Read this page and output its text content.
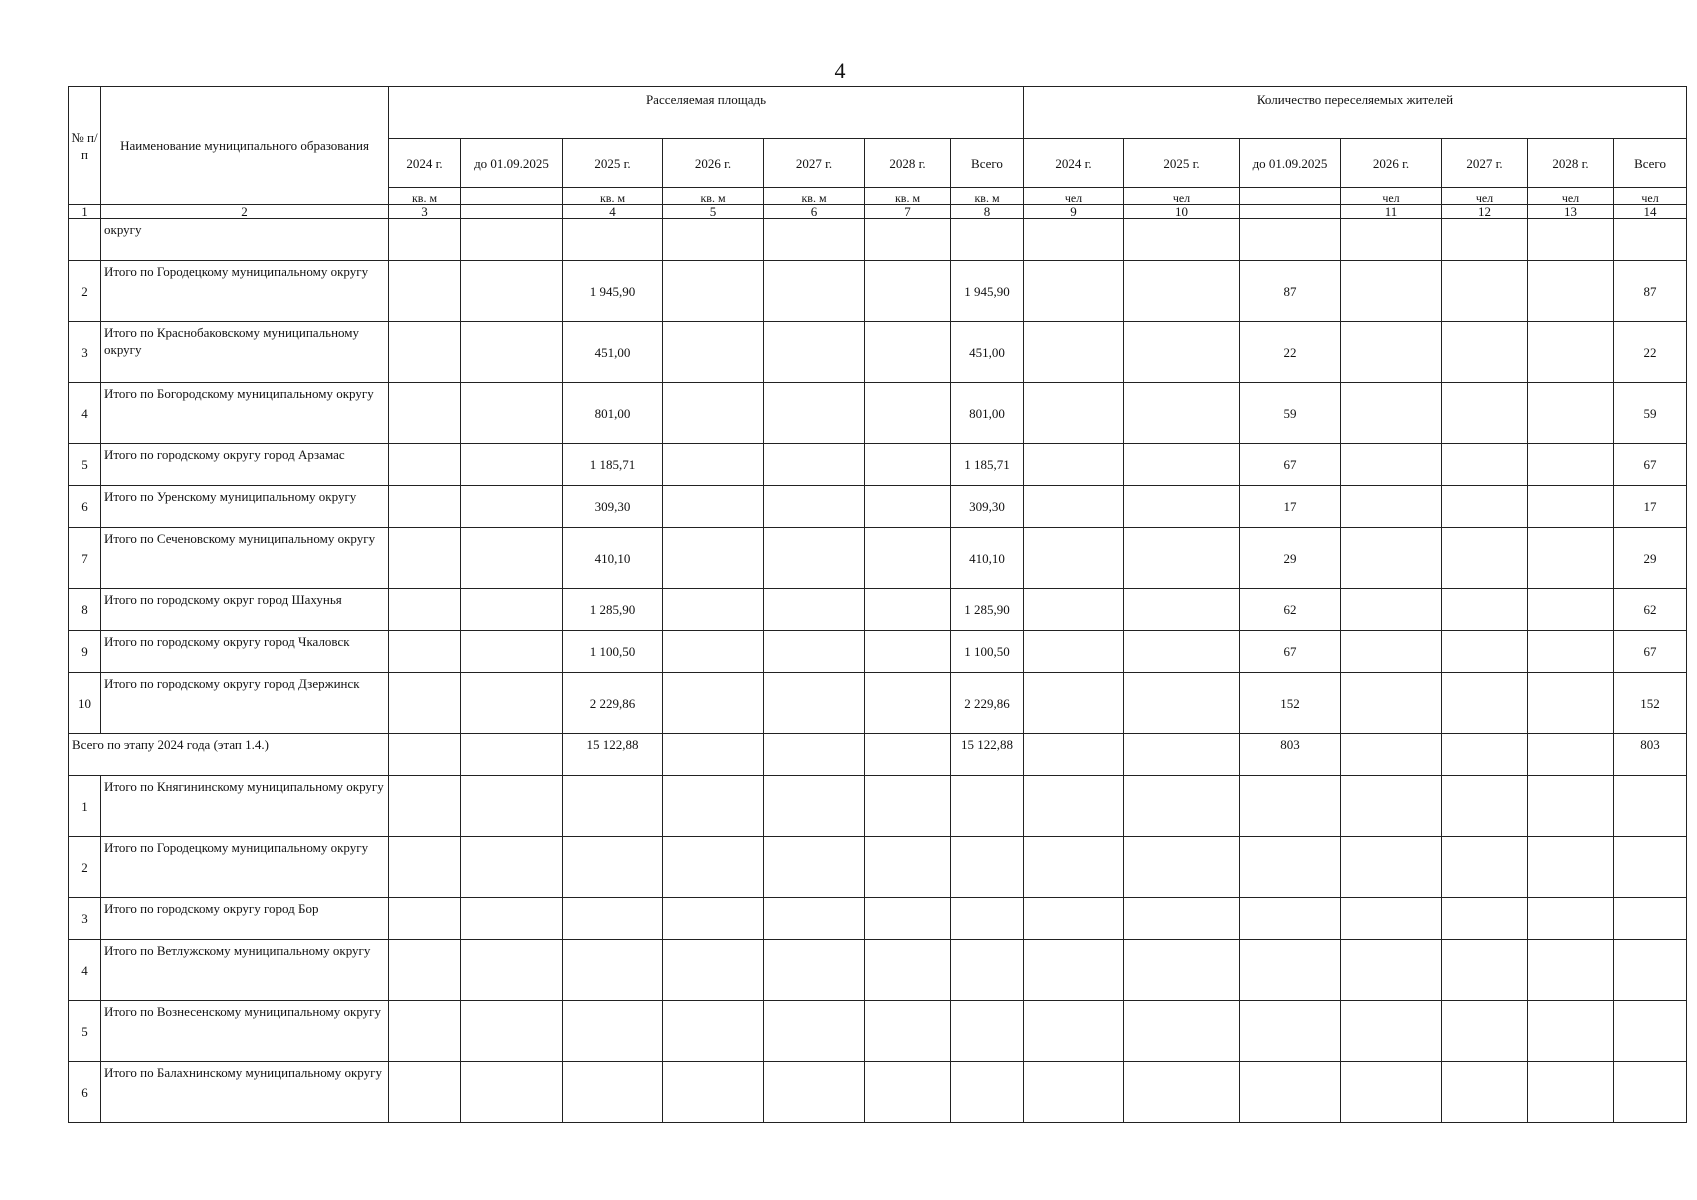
4
№ п/п	Наименование муниципального образования	Расселяемая площадь							Количество переселяемых жителей						
		2024 г.	до 01.09.2025	2025 г.	2026 г.	2027 г.	2028 г.	Всего	2024 г.	2025 г.	до 01.09.2025	2026 г.	2027 г.	2028 г.	Всего
		кв. м		кв. м	кв. м	кв. м	кв. м	кв. м	чел	чел		чел	чел	чел	чел
1	2	3		4	5	6	7	8	9	10		11	12	13	14
	округу														
2	Итого по Городецкому муниципальному округу			1 945,90				1 945,90			87				87
3	Итого по Краснобаковскому муниципальному округу			451,00				451,00			22				22
4	Итого по Богородскому муниципальному округу			801,00				801,00			59				59
5	Итого по городскому округу город Арзамас			1 185,71				1 185,71			67				67
6	Итого по Уренскому муниципальному округу			309,30				309,30			17				17
7	Итого по Сеченовскому муниципальному округу			410,10				410,10			29				29
8	Итого по городскому округ город Шахунья			1 285,90				1 285,90			62				62
9	Итого по городскому округу город Чкаловск			1 100,50				1 100,50			67				67
10	Итого по городскому округу город Дзержинск			2 229,86				2 229,86			152				152
Всего по этапу 2024 года (этап 1.4.)				15 122,88				15 122,88			803				803
1	Итого по Княгининскому муниципальному округу														
2	Итого по Городецкому муниципальному округу														
3	Итого по городскому округу город Бор														
4	Итого по Ветлужскому муниципальному округу														
5	Итого по Вознесенскому муниципальному округу														
6	Итого по Балахнинскому муниципальному округу														
